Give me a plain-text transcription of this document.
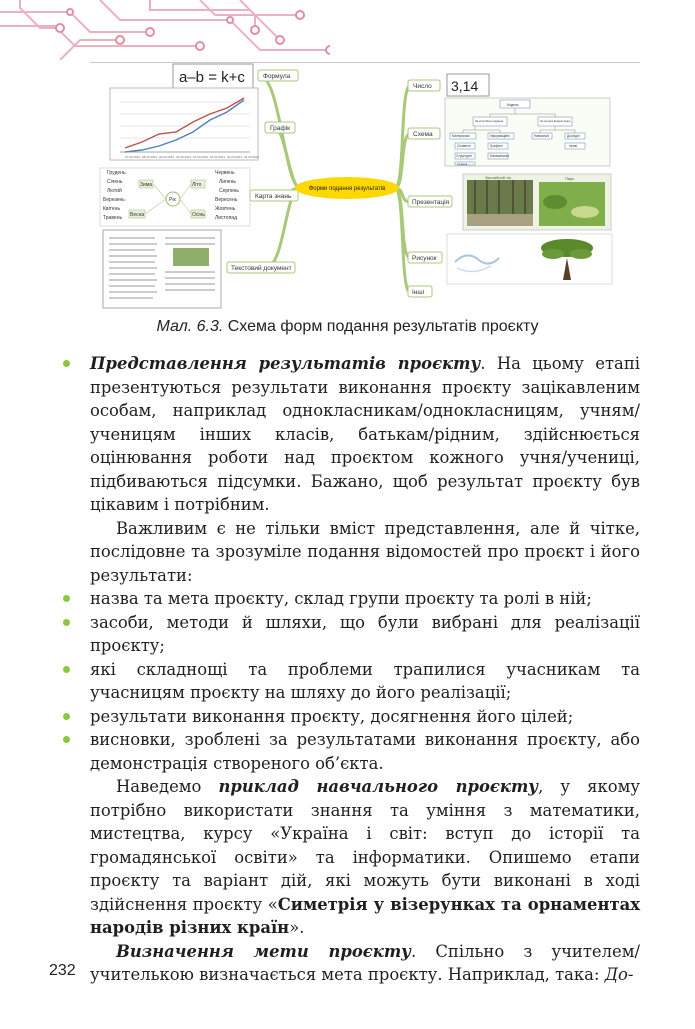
a–b = k+c
27.03.2014 28.03.2014 29.03.2014 30.03.2014 31.03.2014 01.04.2014 02.04.2014 03.04.2014
Грудень
Січень
Лютий
Березень
Квітень
Травень
Червень
Липень
Серпень
Вересень
Жовтень
Листопад
Зима
Весна
Літо
Осінь
Рік
Формула
Графік
Карта знань
Текстовий документ
Форми подання результатів
Число
Схема
Презентація
Рисунок
Інші
3,14
Модель
За способом подання	За галуззю використання
Матеріальні	Інформаційні	Навчальні	Дослідні
Словесні	Графічні	Ігрові
Структурні	Математичні
Словесні
Звичайний ліс	Парк
Мал. 6.3. Схема форм подання результатів проєкту

Представлення результатів проєкту. На цьому етапі презентуються результати виконання проєкту зацікавленим особам, наприклад однокласникам/однокласницям, учням/ученицям інших класів, батькам/рідним, здійснюється оцінювання роботи над проєктом кожного учня/учениці, підбиваються підсумки. Бажано, щоб результат проєкту був цікавим і потрібним.

Важливим є не тільки вміст представлення, але й чітке, послідовне та зрозуміле подання відомостей про проєкт і його результати:

назва та мета проєкту, склад групи проєкту та ролі в ній;

засоби, методи й шляхи, що були вибрані для реалізації проєкту;

які складнощі та проблеми трапилися учасникам та учасницям проєкту на шляху до його реалізації;

результати виконання проєкту, досягнення його цілей;

висновки, зроблені за результатами виконання проєкту, або демонстрація створеного об’єкта.

Наведемо приклад навчального проєкту, у якому потрібно використати знання та уміння з математики, мистецтва, курсу «Україна і світ: вступ до історії та громадянської освіти» та інформатики. Опишемо етапи проєкту та варіант дій, які можуть бути виконані в ході здійснення проєкту «Симетрія у візерунках та орнаментах народів різних країн».

Визначення мети проєкту. Спільно з учителем/учителькою визначається мета проєкту. Наприклад, така: До-

232
